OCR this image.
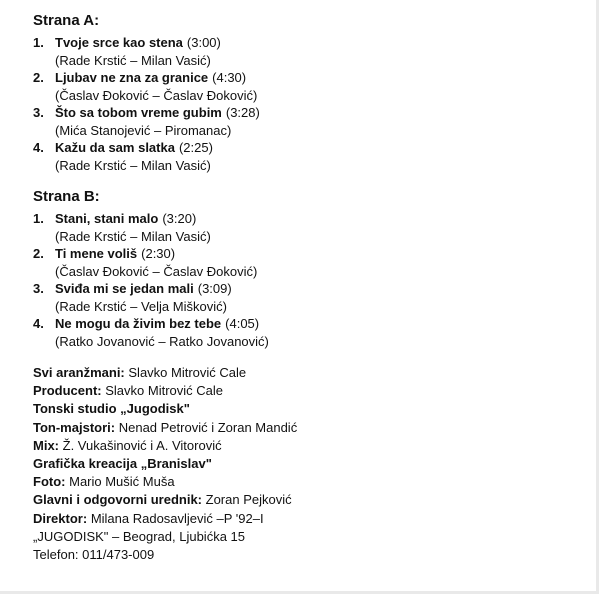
Strana A:
1. Tvoje srce kao stena (3:00)
(Rade Krstić – Milan Vasić)
2. Ljubav ne zna za granice (4:30)
(Časlav Đoković – Časlav Đoković)
3. Što sa tobom vreme gubim (3:28)
(Mića Stanojević – Piromanac)
4. Kažu da sam slatka (2:25)
(Rade Krstić – Milan Vasić)
Strana B:
1. Stani, stani malo (3:20)
(Rade Krstić – Milan Vasić)
2. Ti mene voliš (2:30)
(Časlav Đoković – Časlav Đoković)
3. Sviđa mi se jedan mali (3:09)
(Rade Krstić – Velja Mišković)
4. Ne mogu da živim bez tebe (4:05)
(Ratko Jovanović – Ratko Jovanović)
Svi aranžmani: Slavko Mitrović Cale
Producent: Slavko Mitrović Cale
Tonski studio „Jugodisk"
Ton-majstori: Nenad Petrović i Zoran Mandić
Mix: Ž. Vukašinović i A. Vitorović
Grafička kreacija „Branislav"
Foto: Mario Mušić Muša
Glavni i odgovorni urednik: Zoran Pejković
Direktor: Milana Radosavljević –P '92–I
„JUGODISK" – Beograd, Ljubićka 15
Telefon: 011/473-009
